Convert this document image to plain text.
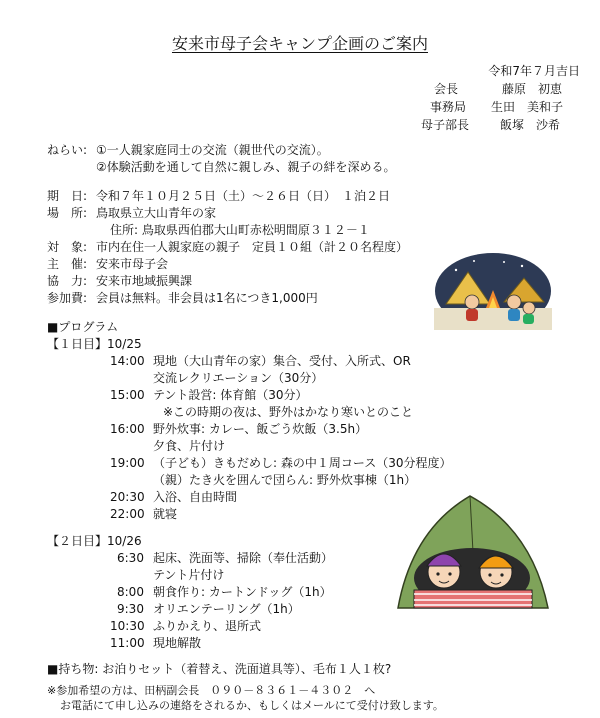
安来市母子会キャンプ企画のご案内
令和7年７月吉日
会長	藤原　初恵
事務局 生田　美和子
母子部長	飯塚　沙希
ねらい: ①一人親家庭同士の交流（親世代の交流）。
②体験活動を通して自然に親しみ、親子の絆を深める。
期　日: 令和７年１０月２５日（土）～２６日（日）　１泊２日
場　所: 鳥取県立大山青年の家
住所: 鳥取県西伯郡大山町赤松明間原３１２－１
対　象: 市内在住一人親家庭の親子　定員１０組（計２０名程度）
主　催: 安来市母子会
協　力: 安来市地域振興課
参加費: 会員は無料。非会員は1名につき1,000円
■プログラム
【１日目】10/25
14:00 現地（大山青年の家）集合、受付、入所式、OR
交流レクリエーション（30分）
15:00 テント設営: 体育館（30分）
※この時期の夜は、野外はかなり寒いとのこと
16:00 野外炊事: カレー、飯ごう炊飯（3.5h）
夕食、片付け
19:00 （子ども）きもだめし: 森の中１周コース（30分程度）
（親）たき火を囲んで団らん: 野外炊事棟（1h）
20:30 入浴、自由時間
22:00 就寝
【２日目】10/26
6:30 起床、洗面等、掃除（奉仕活動）
テント片付け
8:00 朝食作り: カートンドッグ（1h）
9:30 オリエンテーリング（1h）
10:30 ふりかえり、退所式
11:00 現地解散
■持ち物: お泊りセット（着替え、洗面道具等）、毛布１人１枚?
※参加希望の方は、田柄副会長　０９０－８３６１－４３０２　へ
お電話にて申し込みの連絡をされるか、もしくはメールにて受付け致します。
